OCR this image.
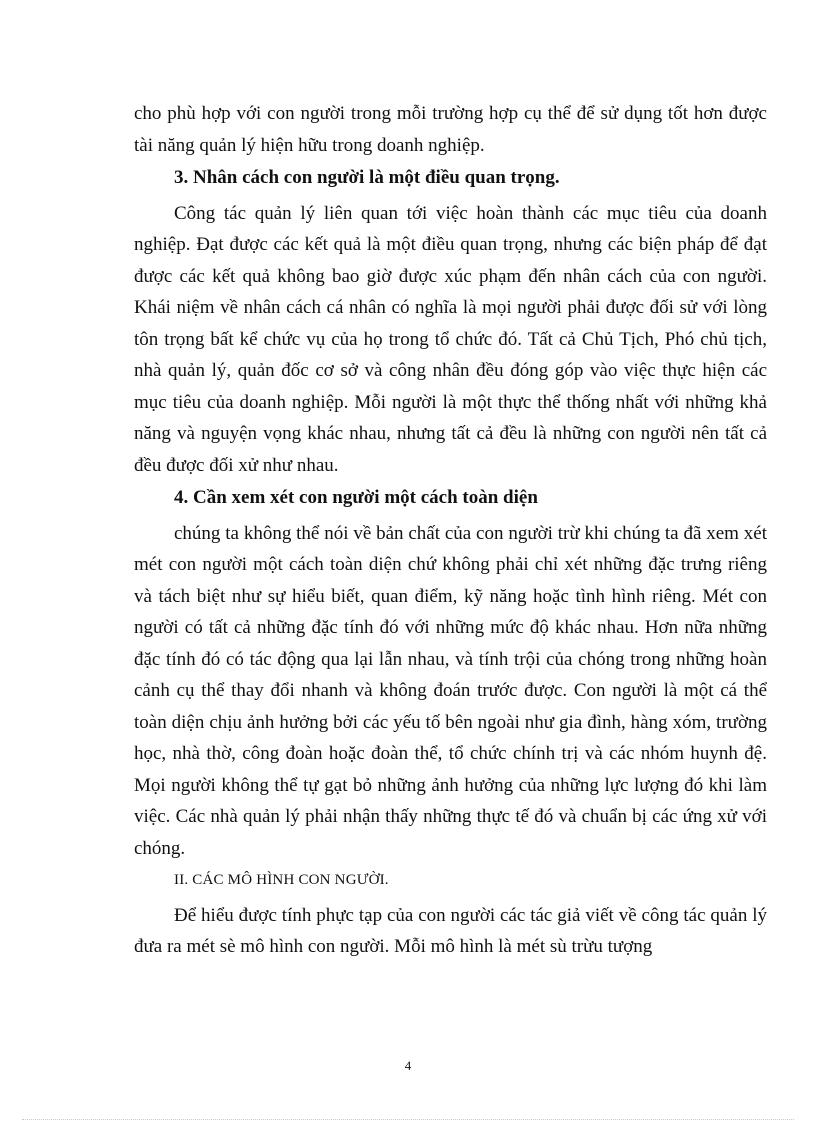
cho phù hợp với con người trong mỗi trường hợp cụ thể để sử dụng tốt hơn được tài năng quản lý hiện hữu trong doanh nghiệp.

3. Nhân cách con người là một điều quan trọng.

Công tác quản lý liên quan tới việc hoàn thành các mục tiêu của doanh nghiệp. Đạt được các kết quả là một điều quan trọng, nhưng các biện pháp để đạt được các kết quả không bao giờ được xúc phạm đến nhân cách của con người. Khái niệm về nhân cách cá nhân có nghĩa là mọi người phải được đối sử với lòng tôn trọng bất kể chức vụ của họ trong tổ chức đó. Tất cả Chủ Tịch, Phó chủ tịch, nhà quản lý, quản đốc cơ sở và công nhân đều đóng góp vào việc thực hiện các mục tiêu của doanh nghiệp. Mỗi người là một thực thể thống nhất với những khả năng và nguyện vọng khác nhau, nhưng tất cả đều là những con người nên tất cả đều được đối xử như nhau.

4. Cần xem xét con người một cách toàn diện

chúng ta không thể nói về bản chất của con người trừ khi chúng ta đã xem xét mét con người một cách toàn diện chứ không phải chỉ xét những đặc trưng riêng và tách biệt như sự hiểu biết, quan điểm, kỹ năng hoặc tình hình riêng. Mét con người có tất cả những đặc tính đó với những mức độ khác nhau. Hơn nữa những đặc tính đó có tác động qua lại lẫn nhau, và tính trội của chóng trong những hoàn cảnh cụ thể thay đổi nhanh và không đoán trước được. Con người là một cá thể toàn diện chịu ảnh hưởng bởi các yếu tố bên ngoài như gia đình, hàng xóm, trường học, nhà thờ, công đoàn hoặc đoàn thể, tổ chức chính trị và các nhóm huynh đệ. Mọi người không thể tự gạt bỏ những ảnh hưởng của những lực lượng đó khi làm việc. Các nhà quản lý phải nhận thấy những thực tế đó và chuẩn bị các ứng xử với chóng.

II. CÁC MÔ HÌNH CON NGƯỜI.

Để hiểu được tính phực tạp của con người các tác giả viết về công tác quản lý đưa ra mét sè mô hình con người. Mỗi mô hình là mét sù trừu tượng

4
